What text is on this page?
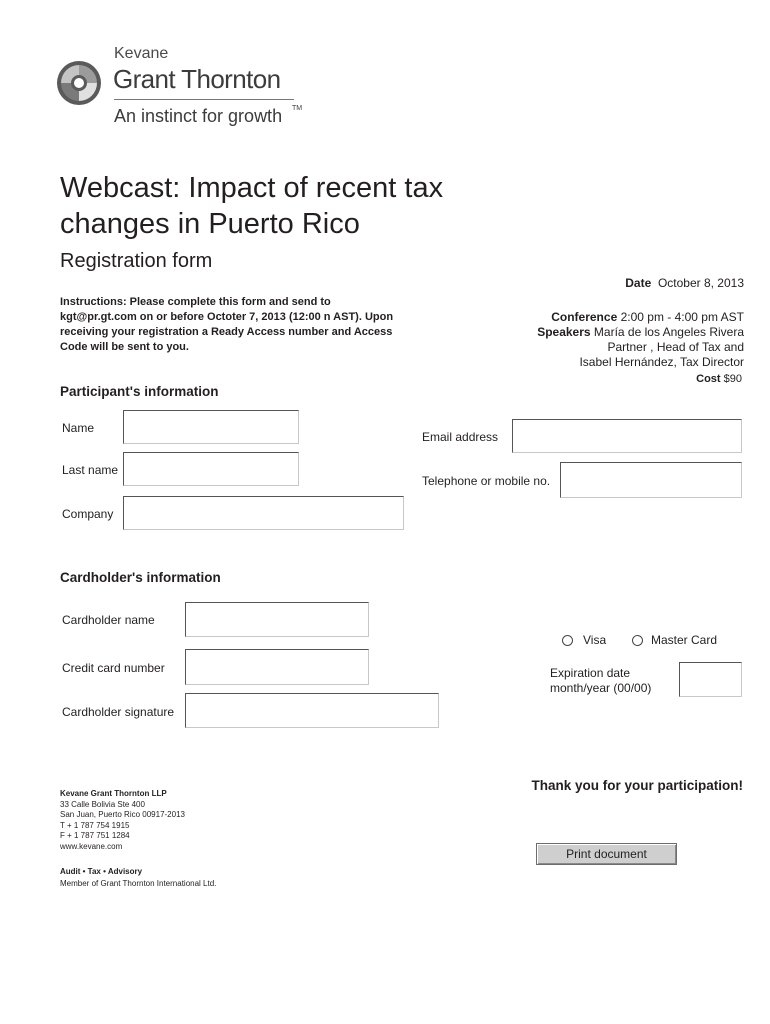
Kevane
Grant Thornton
An instinct for growth TM
Webcast: Impact of recent tax changes in Puerto Rico
Registration form
Date October 8, 2013
Conference 2:00 pm - 4:00 pm AST
Speakers María de los Angeles Rivera
Partner , Head of Tax and
Isabel Hernández, Tax Director
Cost $90
Instructions: Please complete this form and send to kgt@pr.gt.com on or before Octoter 7, 2013 (12:00 n AST). Upon receiving your registration a Ready Access number and Access Code will be sent to you.
Participant's information
Name
Last name
Company
Email address
Telephone or mobile no.
Cardholder's information
Cardholder name
Credit card number
Cardholder signature
Visa	Master Card
Expiration date
month/year (00/00)
Kevane Grant Thornton LLP
33 Calle Bolivia Ste 400
San Juan, Puerto Rico 00917-2013
T + 1 787 754 1915
F + 1 787 751 1284
www.kevane.com
Audit • Tax • Advisory
Member of Grant Thornton International Ltd.
Thank you for your participation!
Print document
